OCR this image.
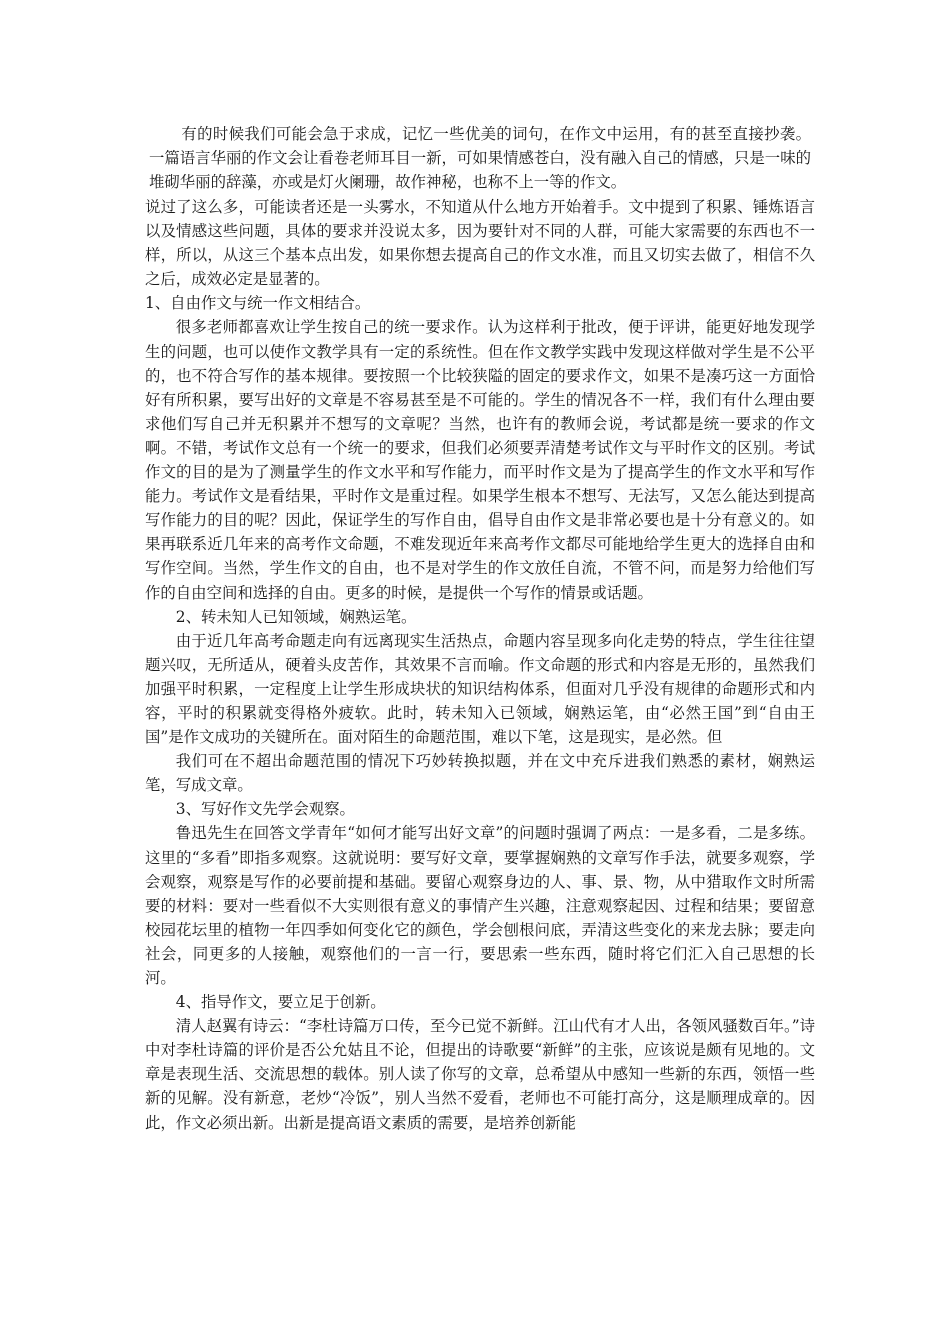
有的时候我们可能会急于求成，记忆一些优美的词句，在作文中运用，有的甚至直接抄袭。一篇语言华丽的作文会让看卷老师耳目一新，可如果情感苍白，没有融入自己的情感，只是一味的堆砌华丽的辞藻，亦或是灯火阑珊，故作神秘，也称不上一等的作文。

说过了这么多，可能读者还是一头雾水，不知道从什么地方开始着手。文中提到了积累、锤炼语言以及情感这些问题，具体的要求并没说太多，因为要针对不同的人群，可能大家需要的东西也不一样，所以，从这三个基本点出发，如果你想去提高自己的作文水准，而且又切实去做了，相信不久之后，成效必定是显著的。

1、自由作文与统一作文相结合。

很多老师都喜欢让学生按自己的统一要求作。认为这样利于批改，便于评讲，能更好地发现学生的问题，也可以使作文教学具有一定的系统性。但在作文教学实践中发现这样做对学生是不公平的，也不符合写作的基本规律。要按照一个比较狭隘的固定的要求作文，如果不是凑巧这一方面恰好有所积累，要写出好的文章是不容易甚至是不可能的。学生的情况各不一样，我们有什么理由要求他们写自己并无积累并不想写的文章呢？当然，也许有的教师会说，考试都是统一要求的作文啊。不错，考试作文总有一个统一的要求，但我们必须要弄清楚考试作文与平时作文的区别。考试作文的目的是为了测量学生的作文水平和写作能力，而平时作文是为了提高学生的作文水平和写作能力。考试作文是看结果，平时作文是重过程。如果学生根本不想写、无法写，又怎么能达到提高写作能力的目的呢？因此，保证学生的写作自由，倡导自由作文是非常必要也是十分有意义的。如果再联系近几年来的高考作文命题，不难发现近年来高考作文都尽可能地给学生更大的选择自由和写作空间。当然，学生作文的自由，也不是对学生的作文放任自流，不管不问，而是努力给他们写作的自由空间和选择的自由。更多的时候，是提供一个写作的情景或话题。

2、转未知人已知领域，娴熟运笔。

由于近几年高考命题走向有远离现实生活热点，命题内容呈现多向化走势的特点，学生往往望题兴叹，无所适从，硬着头皮苦作，其效果不言而喻。作文命题的形式和内容是无形的，虽然我们加强平时积累，一定程度上让学生形成块状的知识结构体系，但面对几乎没有规律的命题形式和内容，平时的积累就变得格外疲软。此时，转未知入已领域，娴熟运笔，由“必然王国”到“自由王国”是作文成功的关键所在。面对陌生的命题范围，难以下笔，这是现实，是必然。但

我们可在不超出命题范围的情况下巧妙转换拟题，并在文中充斥进我们熟悉的素材，娴熟运笔，写成文章。

3、写好作文先学会观察。

鲁迅先生在回答文学青年“如何才能写出好文章”的问题时强调了两点：一是多看，二是多练。这里的“多看”即指多观察。这就说明：要写好文章，要掌握娴熟的文章写作手法，就要多观察，学会观察，观察是写作的必要前提和基础。要留心观察身边的人、事、景、物，从中猎取作文时所需要的材料：要对一些看似不大实则很有意义的事情产生兴趣，注意观察起因、过程和结果；要留意校园花坛里的植物一年四季如何变化它的颜色，学会刨根问底，弄清这些变化的来龙去脉；要走向社会，同更多的人接触，观察他们的一言一行，要思索一些东西，随时将它们汇入自己思想的长河。

4、指导作文，要立足于创新。

清人赵翼有诗云：“李杜诗篇万口传，至今已觉不新鲜。江山代有才人出，各领风骚数百年。”诗中对李杜诗篇的评价是否公允姑且不论，但提出的诗歌要“新鲜”的主张，应该说是颇有见地的。文章是表现生活、交流思想的载体。别人读了你写的文章，总希望从中感知一些新的东西，领悟一些新的见解。没有新意，老炒“冷饭”，别人当然不爱看，老师也不可能打高分，这是顺理成章的。因此，作文必须出新。出新是提高语文素质的需要，是培养创新能
